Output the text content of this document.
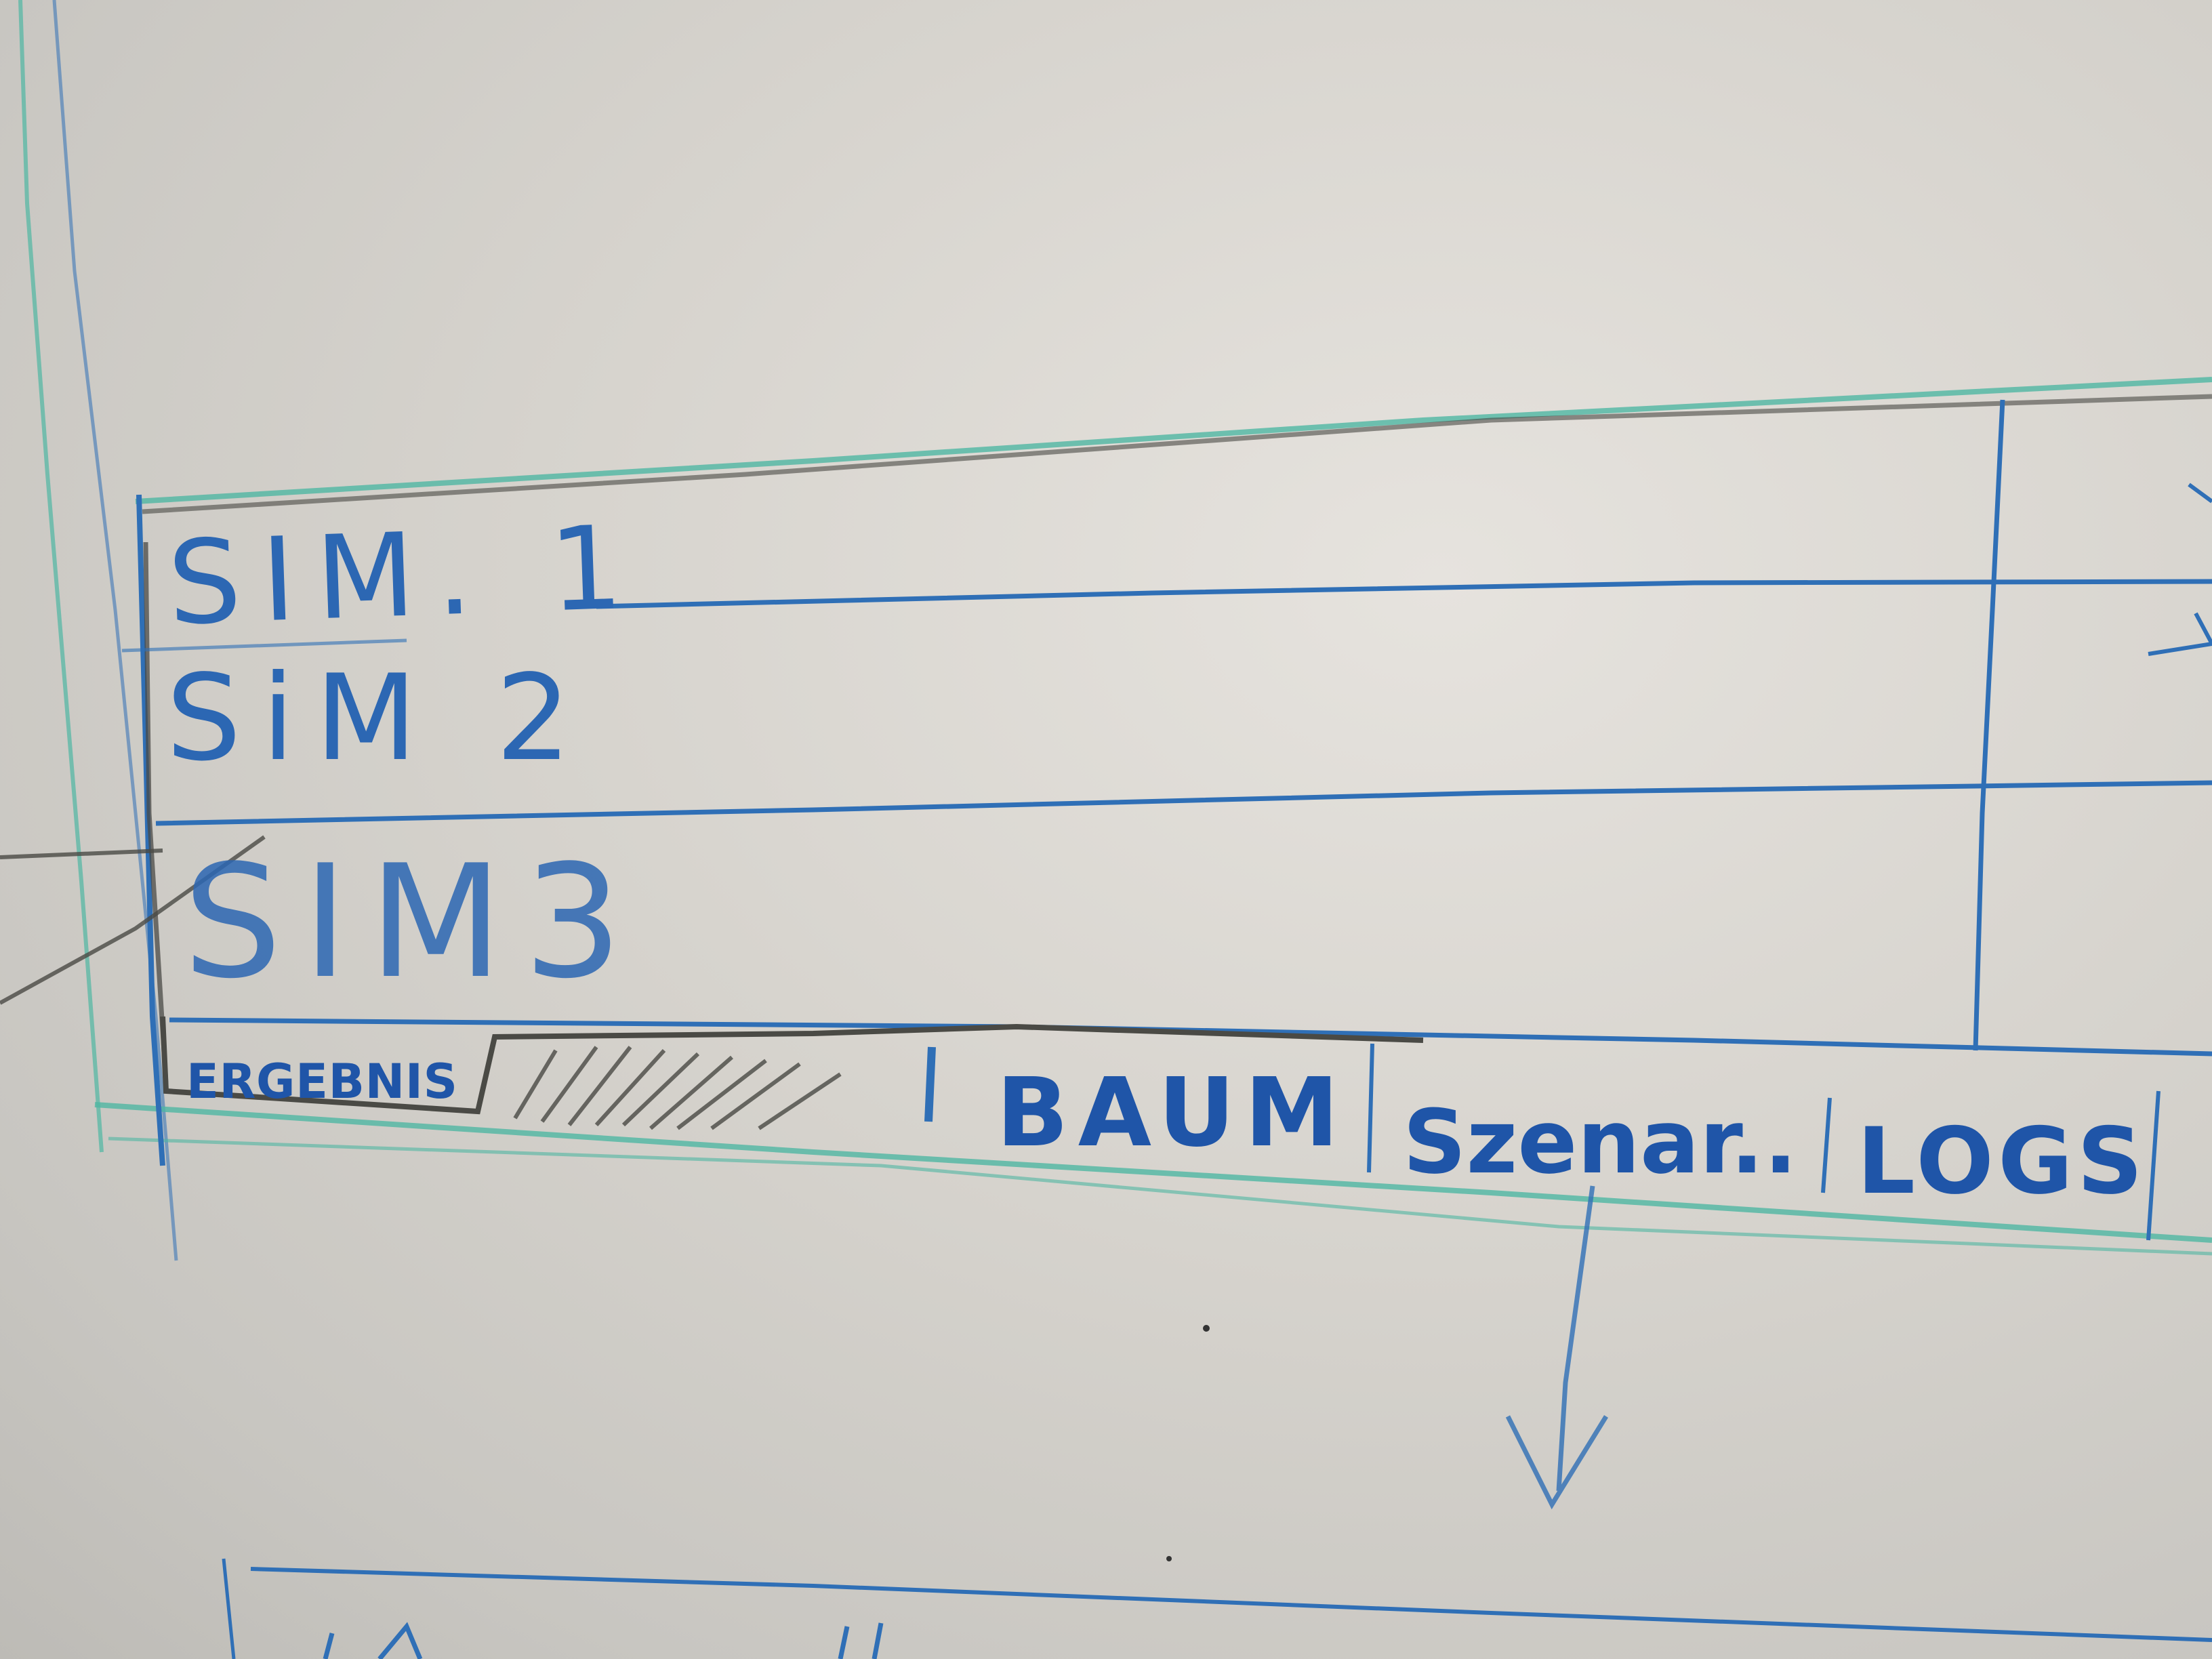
SIM. 1
SiM 2
SIM3
ERGEBNIS	BAUM Szenar.. LOGS
